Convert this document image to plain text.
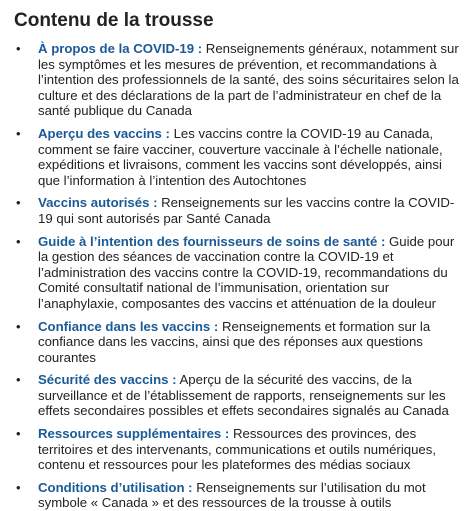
Contenu de la trousse
• À propos de la COVID-19 : Renseignements généraux, notamment sur les symptômes et les mesures de prévention, et recommandations à l’intention des professionnels de la santé, des soins sécuritaires selon la culture et des déclarations de la part de l’administrateur en chef de la santé publique du Canada
• Aperçu des vaccins : Les vaccins contre la COVID-19 au Canada, comment se faire vacciner, couverture vaccinale à l’échelle nationale, expéditions et livraisons, comment les vaccins sont développés, ainsi que l’information à l’intention des Autochtones
• Vaccins autorisés : Renseignements sur les vaccins contre la COVID-19 qui sont autorisés par Santé Canada
• Guide à l’intention des fournisseurs de soins de santé : Guide pour la gestion des séances de vaccination contre la COVID-19 et l’administration des vaccins contre la COVID-19, recommandations du Comité consultatif national de l’immunisation, orientation sur l’anaphylaxie, composantes des vaccins et atténuation de la douleur
• Confiance dans les vaccins : Renseignements et formation sur la confiance dans les vaccins, ainsi que des réponses aux questions courantes
• Sécurité des vaccins : Aperçu de la sécurité des vaccins, de la surveillance et de l’établissement de rapports, renseignements sur les effets secondaires possibles et effets secondaires signalés au Canada
• Ressources supplémentaires : Ressources des provinces, des territoires et des intervenants, communications et outils numériques, contenu et ressources pour les plateformes des médias sociaux
• Conditions d’utilisation : Renseignements sur l’utilisation du mot symbole « Canada » et des ressources de la trousse à outils
